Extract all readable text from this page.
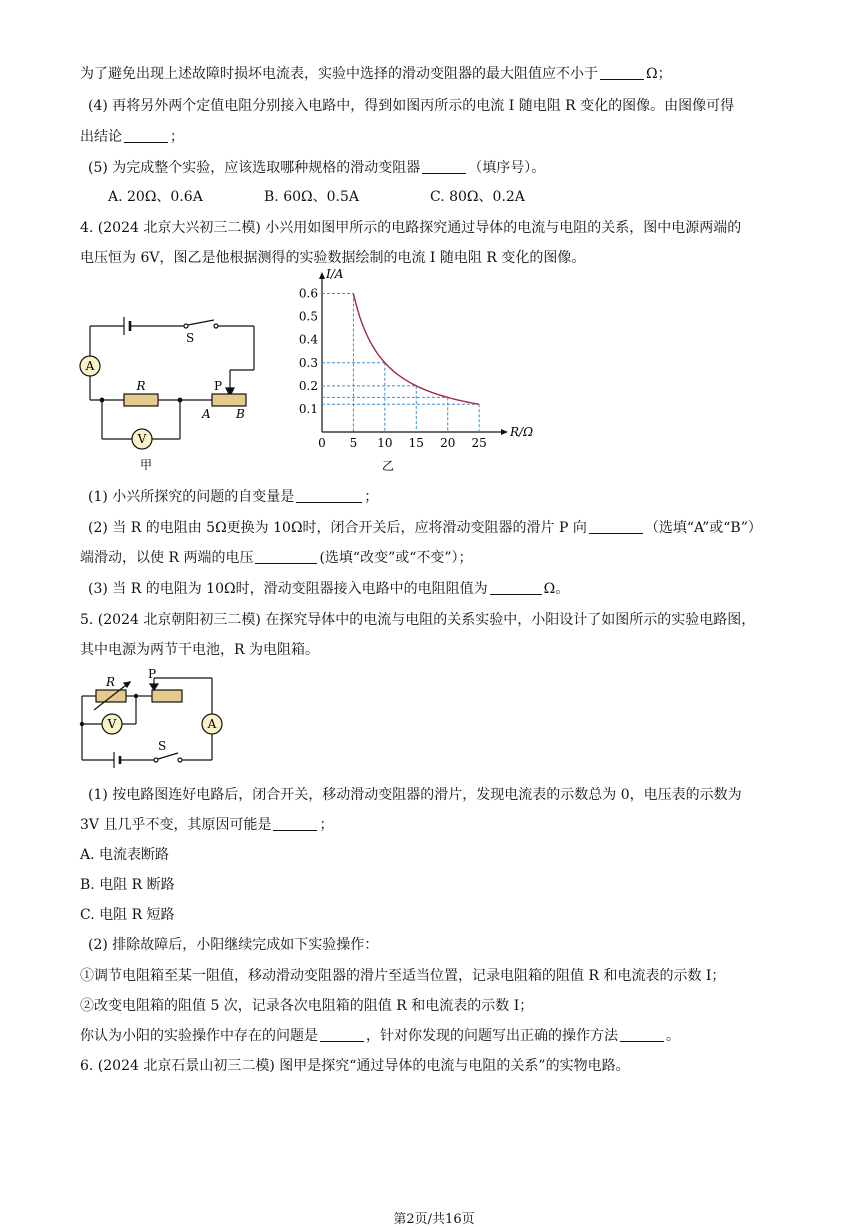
为了避免出现上述故障时损坏电流表，实验中选择的滑动变阻器的最大阻值应不小于	Ω；
(4) 再将另外两个定值电阻分别接入电路中，得到如图丙所示的电流 I 随电阻 R 变化的图像。由图像可得
出结论	；
(5) 为完成整个实验，应该选取哪种规格的滑动变阻器	（填序号）。
A. 20Ω、0.6A	B. 60Ω、0.5A	C. 80Ω、0.2A
4. (2024 北京大兴初三二模) 小兴用如图甲所示的电路探究通过导体的电流与电阻的关系，图中电源两端的
电压恒为 6V，图乙是他根据测得的实验数据绘制的电流 I 随电阻 R 变化的图像。
S
A
R	P
A B
V
甲
0 5 10 15 20 25
0.1
0.2
0.3
0.4
0.5
0.6
R/Ω
I/A
乙
(1) 小兴所探究的问题的自变量是	；
(2) 当 R 的电阻由 5Ω更换为 10Ω时，闭合开关后，应将滑动变阻器的滑片 P 向	（选填“A”或“B”）
端滑动，以使 R 两端的电压	(选填“改变”或“不变”）；
(3) 当 R 的电阻为 10Ω时，滑动变阻器接入电路中的电阻阻值为	Ω。
5. (2024 北京朝阳初三二模) 在探究导体中的电流与电阻的关系实验中，小阳设计了如图所示的实验电路图，
其中电源为两节干电池，R 为电阻箱。
R
P
V	A
S
(1) 按电路图连好电路后，闭合开关，移动滑动变阻器的滑片，发现电流表的示数总为 0，电压表的示数为
3V 且几乎不变，其原因可能是	；
A. 电流表断路
B. 电阻 R 断路
C. 电阻 R 短路
(2) 排除故障后，小阳继续完成如下实验操作：
①调节电阻箱至某一阻值，移动滑动变阻器的滑片至适当位置，记录电阻箱的阻值 R 和电流表的示数 I；
②改变电阻箱的阻值 5 次，记录各次电阻箱的阻值 R 和电流表的示数 I；
你认为小阳的实验操作中存在的问题是	，针对你发现的问题写出正确的操作方法	。
6. (2024 北京石景山初三二模) 图甲是探究“通过导体的电流与电阻的关系”的实物电路。
第2页/共16页
